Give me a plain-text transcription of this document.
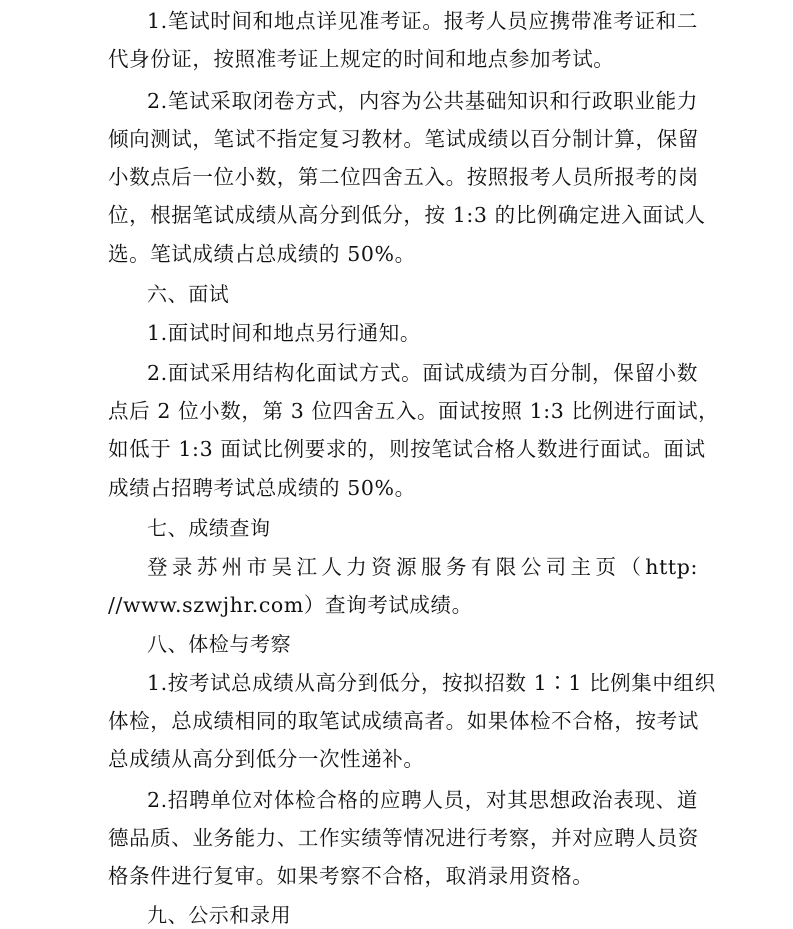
1.笔试时间和地点详见准考证。报考人员应携带准考证和二
代身份证，按照准考证上规定的时间和地点参加考试。
2.笔试采取闭卷方式，内容为公共基础知识和行政职业能力
倾向测试，笔试不指定复习教材。笔试成绩以百分制计算，保留
小数点后一位小数，第二位四舍五入。按照报考人员所报考的岗
位，根据笔试成绩从高分到低分，按 1:3 的比例确定进入面试人
选。笔试成绩占总成绩的 50%。
六、面试
1.面试时间和地点另行通知。
2.面试采用结构化面试方式。面试成绩为百分制，保留小数
点后 2 位小数，第 3 位四舍五入。面试按照 1:3 比例进行面试，
如低于 1:3 面试比例要求的，则按笔试合格人数进行面试。面试
成绩占招聘考试总成绩的 50%。
七、成绩查询
登录苏州市吴江人力资源服务有限公司主页（http:
//www.szwjhr.com）查询考试成绩。
八、体检与考察
1.按考试总成绩从高分到低分，按拟招数 1∶1 比例集中组织
体检，总成绩相同的取笔试成绩高者。如果体检不合格，按考试
总成绩从高分到低分一次性递补。
2.招聘单位对体检合格的应聘人员，对其思想政治表现、道
德品质、业务能力、工作实绩等情况进行考察，并对应聘人员资
格条件进行复审。如果考察不合格，取消录用资格。
九、公示和录用
